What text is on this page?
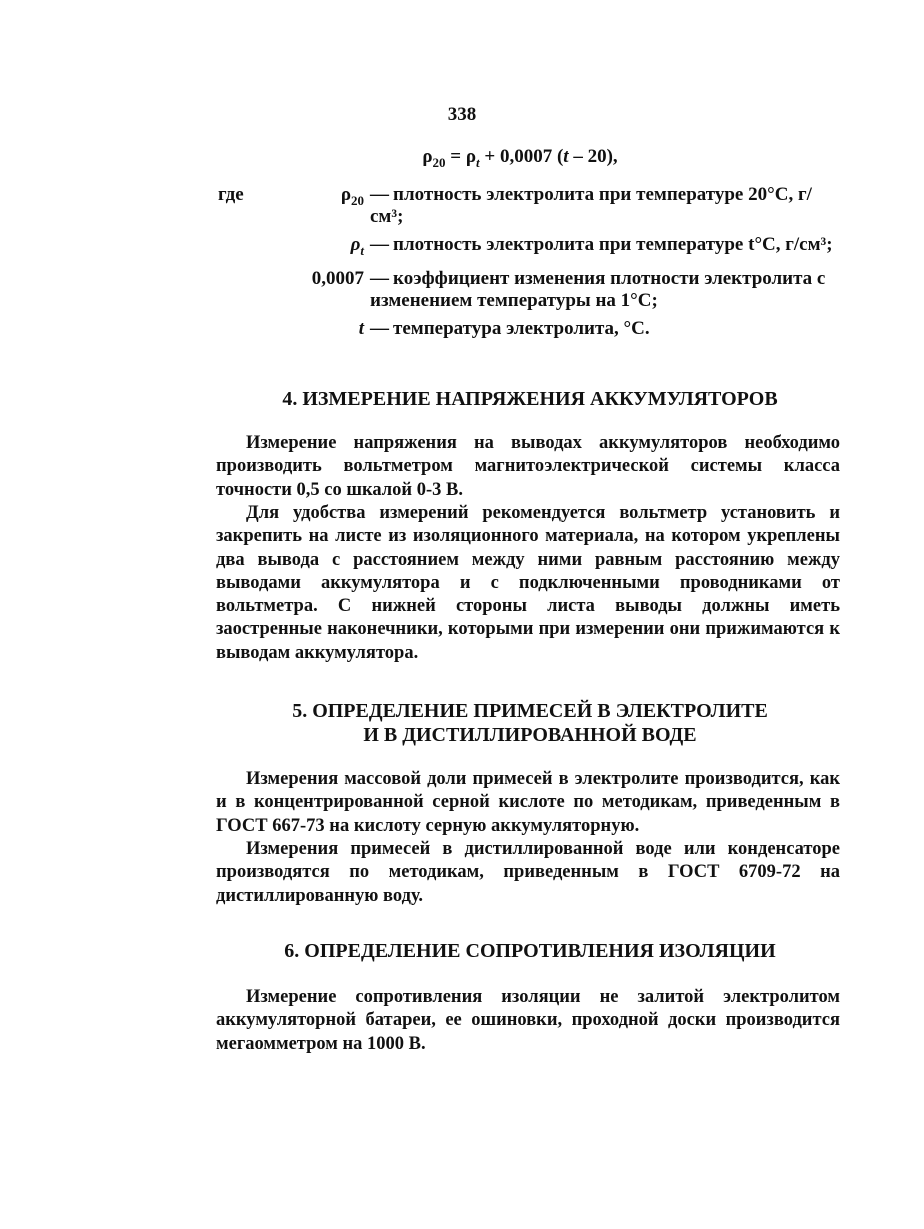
338
$\rho_{20} = \rho_t + 0,0007$ (t – 20),
где	$\rho_{20}$ — плотность электролита при температуре 20°С, г/см³;
$\rho_t$ — плотность электролита при температуре t°С, г/см³;
0,0007 — коэффициент изменения плотности электролита с изменением температуры на 1°С;
t — температура электролита, °С.
4. ИЗМЕРЕНИЕ НАПРЯЖЕНИЯ АККУМУЛЯТОРОВ

Измерение напряжения на выводах аккумуляторов необходимо производить вольтметром магнитоэлектрической системы класса точности 0,5 со шкалой 0-3 В.

Для удобства измерений рекомендуется вольтметр установить и закрепить на листе из изоляционного материала, на котором укреплены два вывода с расстоянием между ними равным расстоянию между выводами аккумулятора и с подключенными проводниками от вольтметра. С нижней стороны листа выводы должны иметь заостренные наконечники, которыми при измерении они прижимаются к выводам аккумулятора.

5. ОПРЕДЕЛЕНИЕ ПРИМЕСЕЙ В ЭЛЕКТРОЛИТЕ
И В ДИСТИЛЛИРОВАННОЙ ВОДЕ

Измерения массовой доли примесей в электролите производится, как и в концентрированной серной кислоте по методикам, приведенным в ГОСТ 667-73 на кислоту серную аккумуляторную.

Измерения примесей в дистиллированной воде или конденсаторе производятся по методикам, приведенным в ГОСТ 6709-72 на дистиллированную воду.

6. ОПРЕДЕЛЕНИЕ СОПРОТИВЛЕНИЯ ИЗОЛЯЦИИ

Измерение сопротивления изоляции не залитой электролитом аккумуляторной батареи, ее ошиновки, проходной доски производится мегаомметром на 1000 В.
